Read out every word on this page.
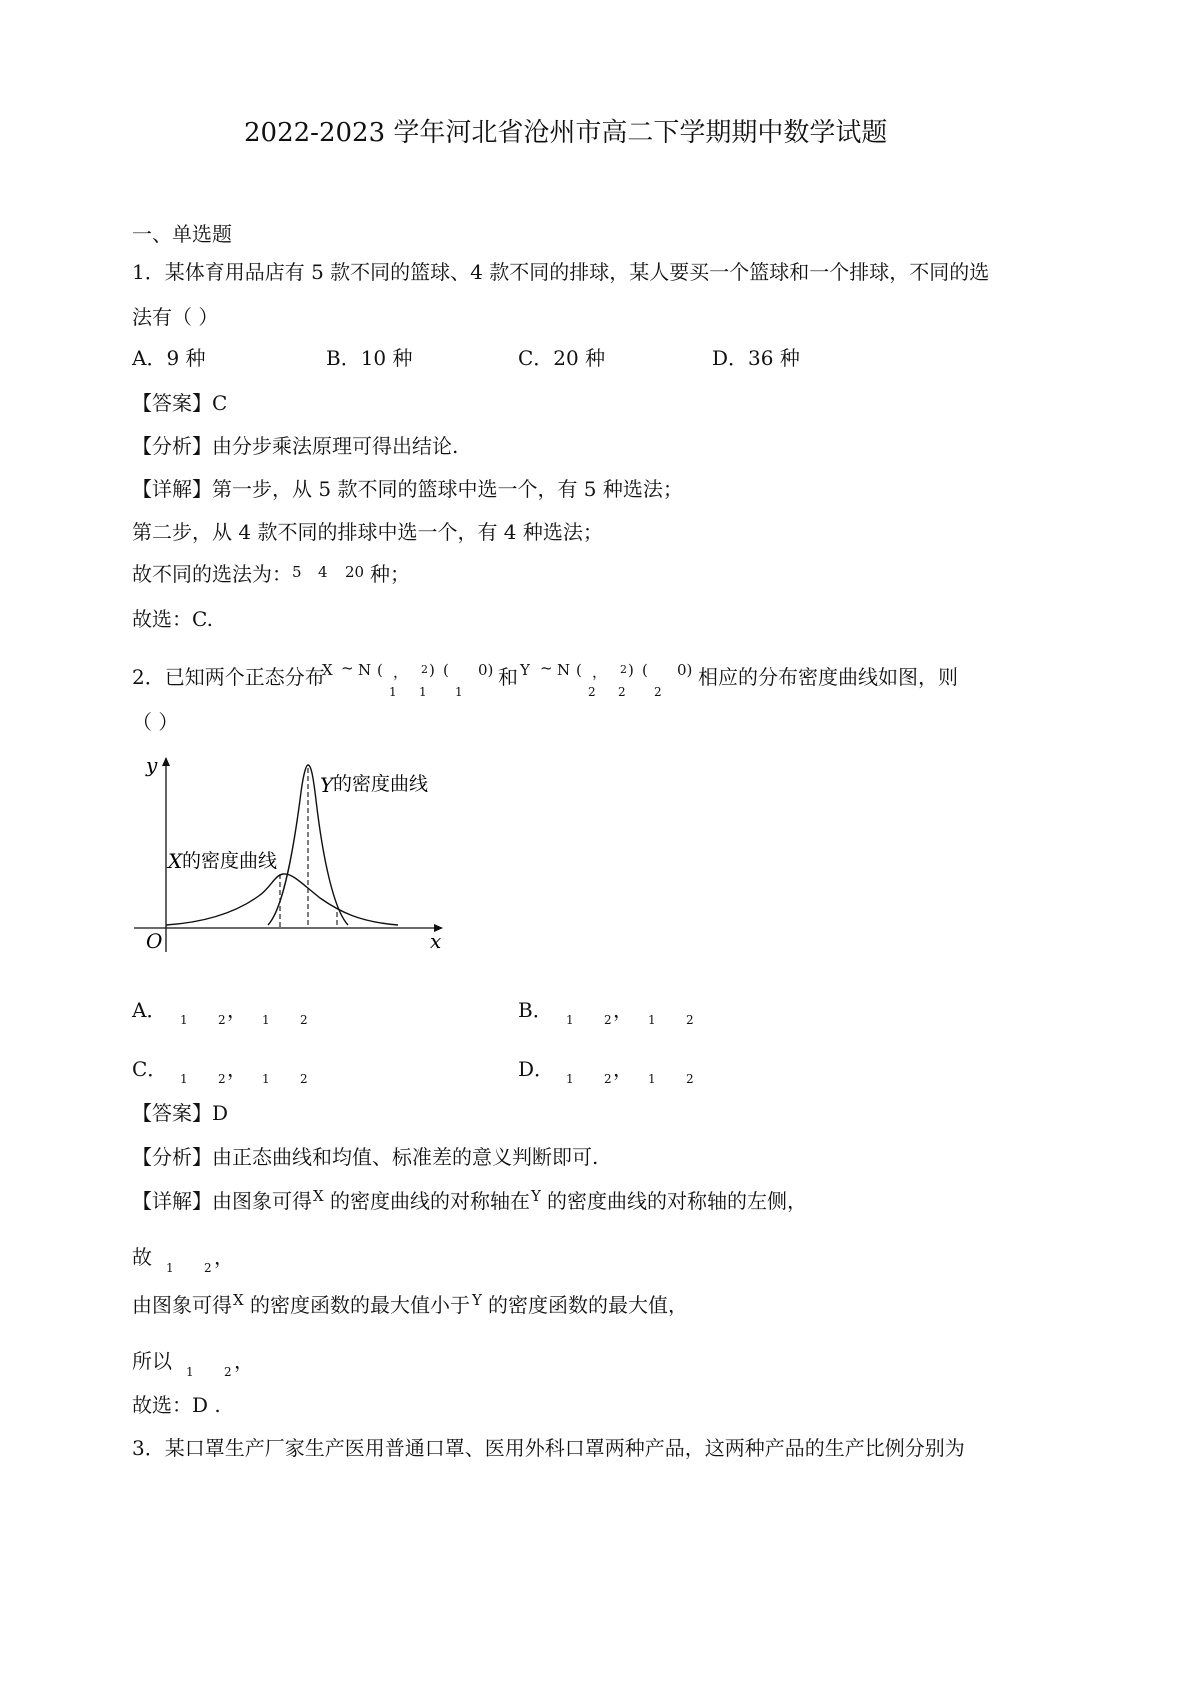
2022-2023 学年河北省沧州市高二下学期期中数学试题
一、单选题
1．某体育用品店有 5 款不同的篮球、4 款不同的排球，某人要买一个篮球和一个排球，不同的选
法有（ ）
A．9 种	B．10 种	C．20 种	D．36 种
【答案】C
【分析】由分步乘法原理可得出结论.
【详解】第一步，从 5 款不同的篮球中选一个，有 5 种选法；
第二步，从 4 款不同的排球中选一个，有 4 种选法；
故不同的选法为： 5 4 20 种；
故选：C.
2．已知两个正态分布
X ~ N ( ， 2 ) (
1 1 1
0) 和 Y ~ N ( ， 2 ) (
2 2 2
0) 相应的分布密度曲线如图，则
（ ）
y
x
O
Y 的密度曲线
X 的密度曲线
A． 1	2 ， 1	2	B． 1	2 ， 1	2
C． 1	2 ， 1	2	D． 1	2 ， 1	2
【答案】D
【分析】由正态曲线和均值、标准差的意义判断即可.
【详解】由图象可得 X 的密度曲线的对称轴在 Y 的密度曲线的对称轴的左侧，
故 1	2 ，
由图象可得 X 的密度函数的最大值小于 Y 的密度函数的最大值，
所以 1	2 ，
故选：D .
3．某口罩生产厂家生产医用普通口罩、医用外科口罩两种产品，这两种产品的生产比例分别为
